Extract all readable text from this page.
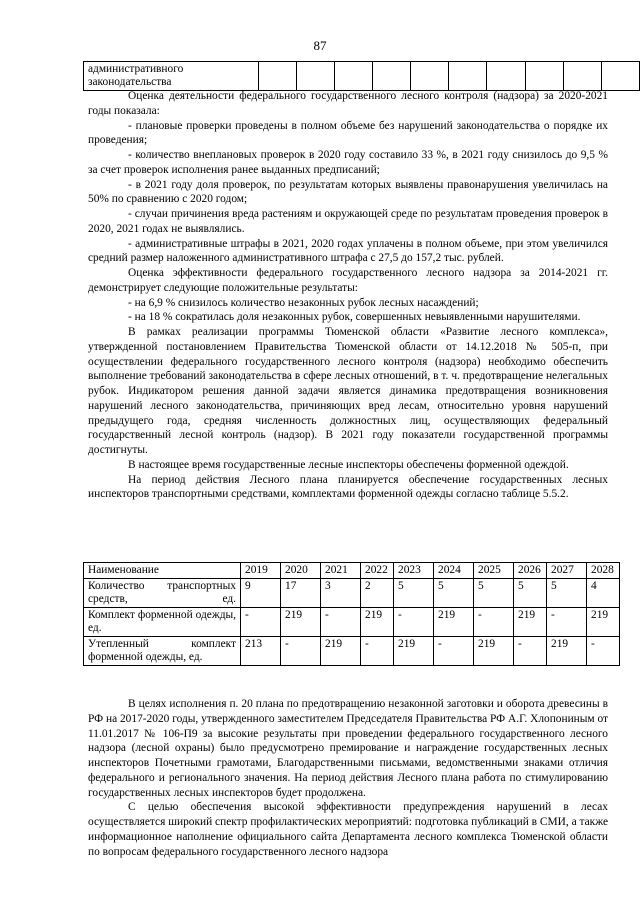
87
административного законодательства										

Оценка деятельности федерального государственного лесного контроля (надзора) за 2020-2021 годы показала:

- плановые проверки проведены в полном объеме без нарушений законодательства о порядке их проведения;

- количество внеплановых проверок в 2020 году составило 33 %, в 2021 году снизилось до 9,5 % за счет проверок исполнения ранее выданных предписаний;

- в 2021 году доля проверок, по результатам которых выявлены правонарушения увеличилась на 50% по сравнению с 2020 годом;

- случаи причинения вреда растениям и окружающей среде по результатам проведения проверок в 2020, 2021 годах не выявлялись.

- административные штрафы в 2021, 2020 годах уплачены в полном объеме, при этом увеличился средний размер наложенного административного штрафа с 27,5 до 157,2 тыс. рублей.

Оценка эффективности федерального государственного лесного надзора за 2014-2021 гг. демонстрирует следующие положительные результаты:

- на 6,9 % снизилось количество незаконных рубок лесных насаждений;

- на 18 % сократилась доля незаконных рубок, совершенных невыявленными нарушителями.

В рамках реализации программы Тюменской области «Развитие лесного комплекса», утвержденной постановлением Правительства Тюменской области от 14.12.2018 № 505-п, при осуществлении федерального государственного лесного контроля (надзора) необходимо обеспечить выполнение требований законодательства в сфере лесных отношений, в т. ч. предотвращение нелегальных рубок. Индикатором решения данной задачи является динамика предотвращения возникновения нарушений лесного законодательства, причиняющих вред лесам, относительно уровня нарушений предыдущего года, средняя численность должностных лиц, осуществляющих федеральный государственный лесной контроль (надзор). В 2021 году показатели государственной программы достигнуты.

В настоящее время государственные лесные инспекторы обеспечены форменной одеждой.

На период действия Лесного плана планируется обеспечение государственных лесных инспекторов транспортными средствами, комплектами форменной одежды согласно таблице 5.5.2.

Наименование	2019	2020	2021	2022	2023	2024	2025	2026	2027	2028
Количество транспортных средств, ед.	9	17	3	2	5	5	5	5	5	4
Комплект форменной одежды, ед.	-	219	-	219	-	219	-	219	-	219
Утепленный комплект форменной одежды, ед.	213	-	219	-	219	-	219	-	219	-

В целях исполнения п. 20 плана по предотвращению незаконной заготовки и оборота древесины в РФ на 2017-2020 годы, утвержденного заместителем Председателя Правительства РФ А.Г. Хлопониным от 11.01.2017 № 106-П9 за высокие результаты при проведении федерального государственного лесного надзора (лесной охраны) было предусмотрено премирование и награждение государственных лесных инспекторов Почетными грамотами, Благодарственными письмами, ведомственными знаками отличия федерального и регионального значения. На период действия Лесного плана работа по стимулированию государственных лесных инспекторов будет продолжена.

С целью обеспечения высокой эффективности предупреждения нарушений в лесах осуществляется широкий спектр профилактических мероприятий: подготовка публикаций в СМИ, а также информационное наполнение официального сайта Департамента лесного комплекса Тюменской области по вопросам федерального государственного лесного надзора
